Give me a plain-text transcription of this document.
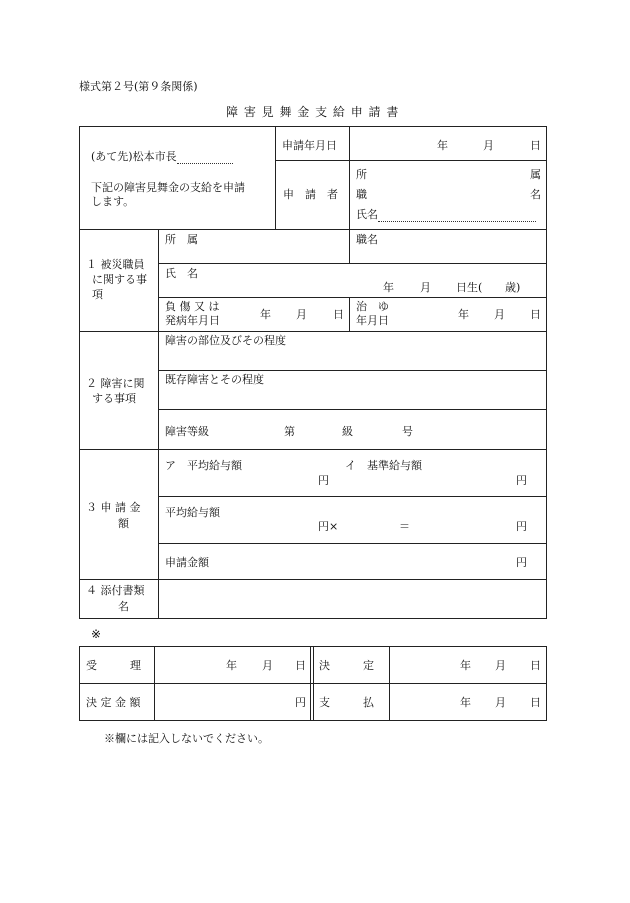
様式第２号(第９条関係)
障 害 見 舞 金 支 給 申 請 書
(あて先)松本市長
下記の障害見舞金の支給を申請
します。
申請年月日	年	月	日
申　請　者
所	属
職	名
氏名
１ 被災職員
に関する事
項
所　属	職名
氏　名
年 月 日生( 歳)
負 傷 又 は
発病年月日	年 月 日
治　ゆ
年月日	年 月 日
２ 障害に関
する事項
障害の部位及びその程度
既存障害とその程度
障害等級	第	級	号
３ 申 請 金
額
ア　平均給与額	イ　基準給与額
円	円
平均給与額
円×	＝	円
申請金額	円
４ 添付書類
名
※
受　　　理	年 月 日 決　　　定	年 月 日
決 定 金 額	円 支　　　払	年 月 日
※欄には記入しないでください。
